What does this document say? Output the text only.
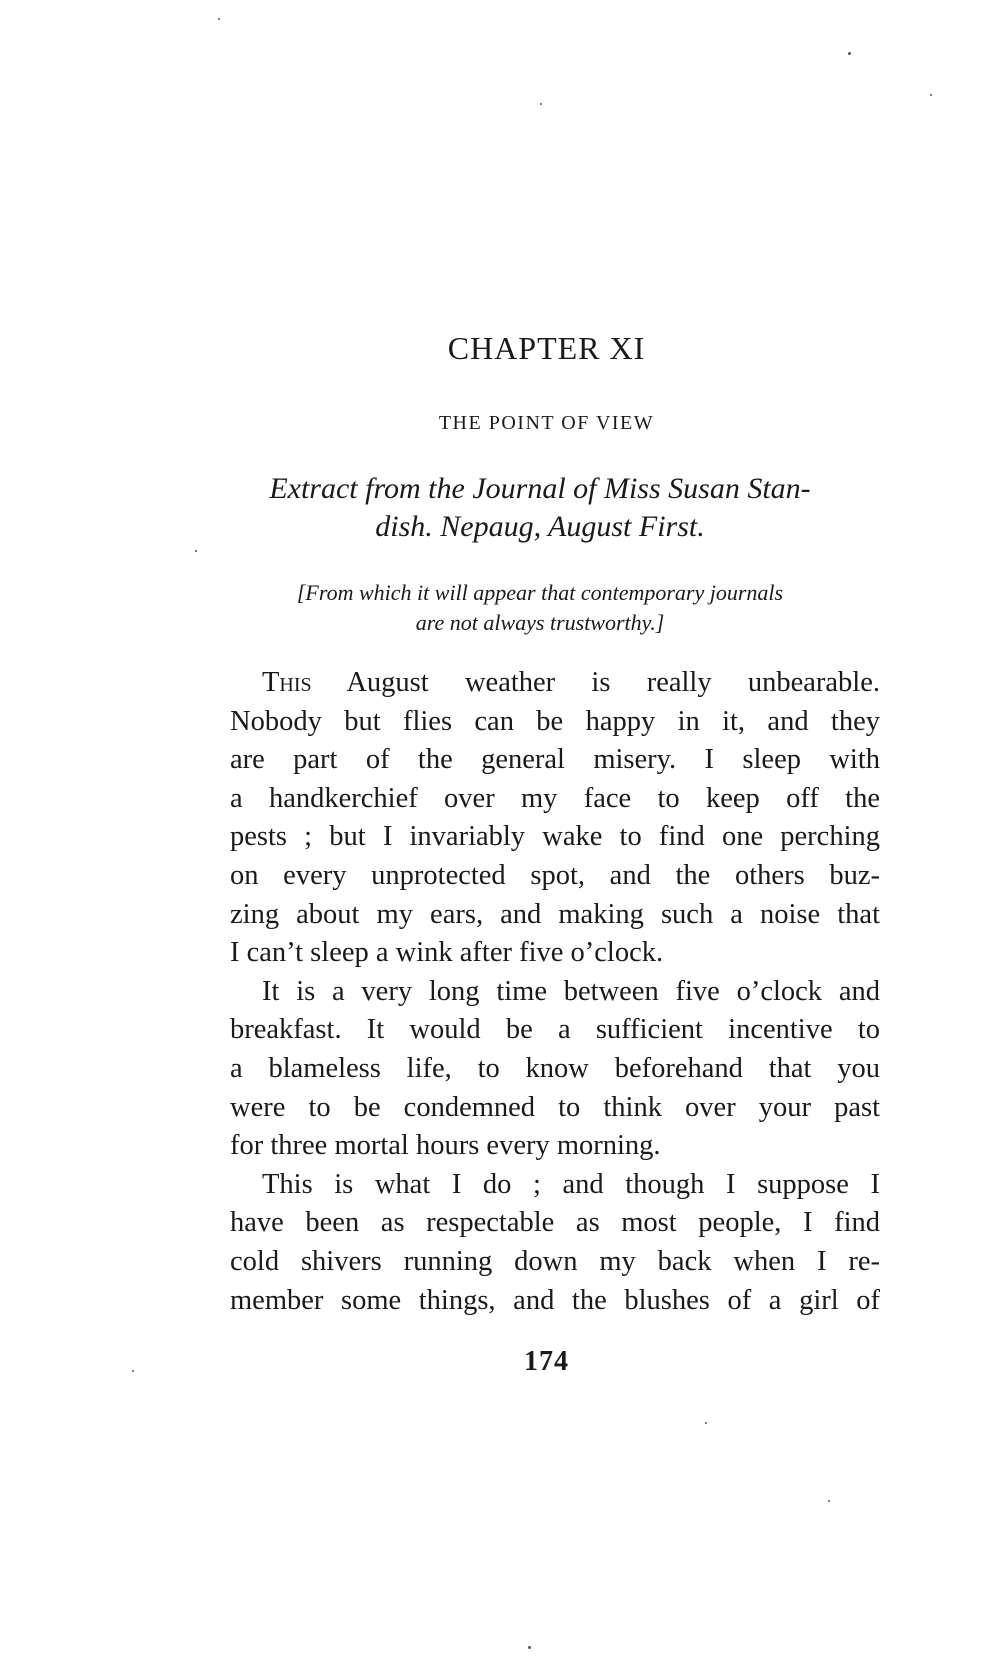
CHAPTER XI
THE POINT OF VIEW
Extract from the Journal of Miss Susan Stan-
dish. Nepaug, August First.
[From which it will appear that contemporary journals
are not always trustworthy.]

This August weather is really unbearable.
Nobody but flies can be happy in it, and they
are part of the general misery. I sleep with
a handkerchief over my face to keep off the
pests ; but I invariably wake to find one perching
on every unprotected spot, and the others buz-
zing about my ears, and making such a noise that
I can’t sleep a wink after five o’clock.

It is a very long time between five o’clock and
breakfast. It would be a sufficient incentive to
a blameless life, to know beforehand that you
were to be condemned to think over your past
for three mortal hours every morning.

This is what I do ; and though I suppose I
have been as respectable as most people, I find
cold shivers running down my back when I re-
member some things, and the blushes of a girl of

174
